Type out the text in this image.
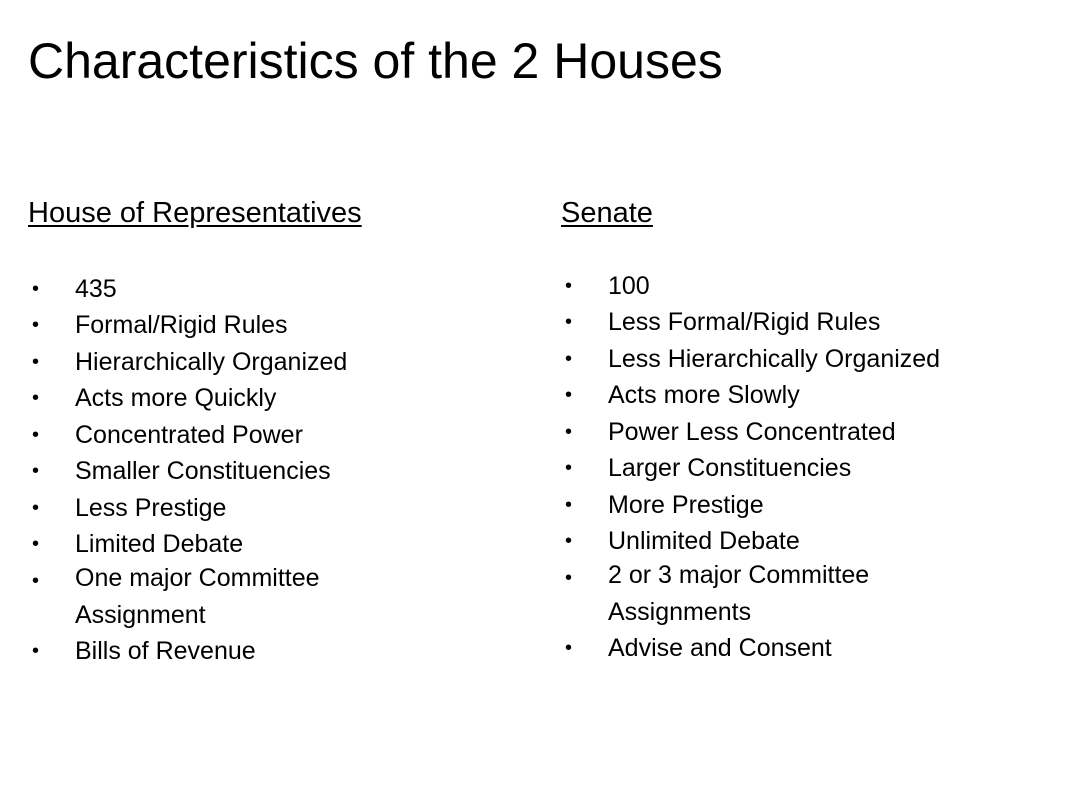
Characteristics of the 2 Houses
House of Representatives
• 435
• Formal/Rigid Rules
• Hierarchically Organized
• Acts more Quickly
• Concentrated Power
• Smaller Constituencies
• Less Prestige
• Limited Debate
• One major Committee
Assignment
• Bills of Revenue
Senate
• 100
• Less Formal/Rigid Rules
• Less Hierarchically Organized
• Acts more Slowly
• Power Less Concentrated
• Larger Constituencies
• More Prestige
• Unlimited Debate
• 2 or 3 major Committee
Assignments
• Advise and Consent
